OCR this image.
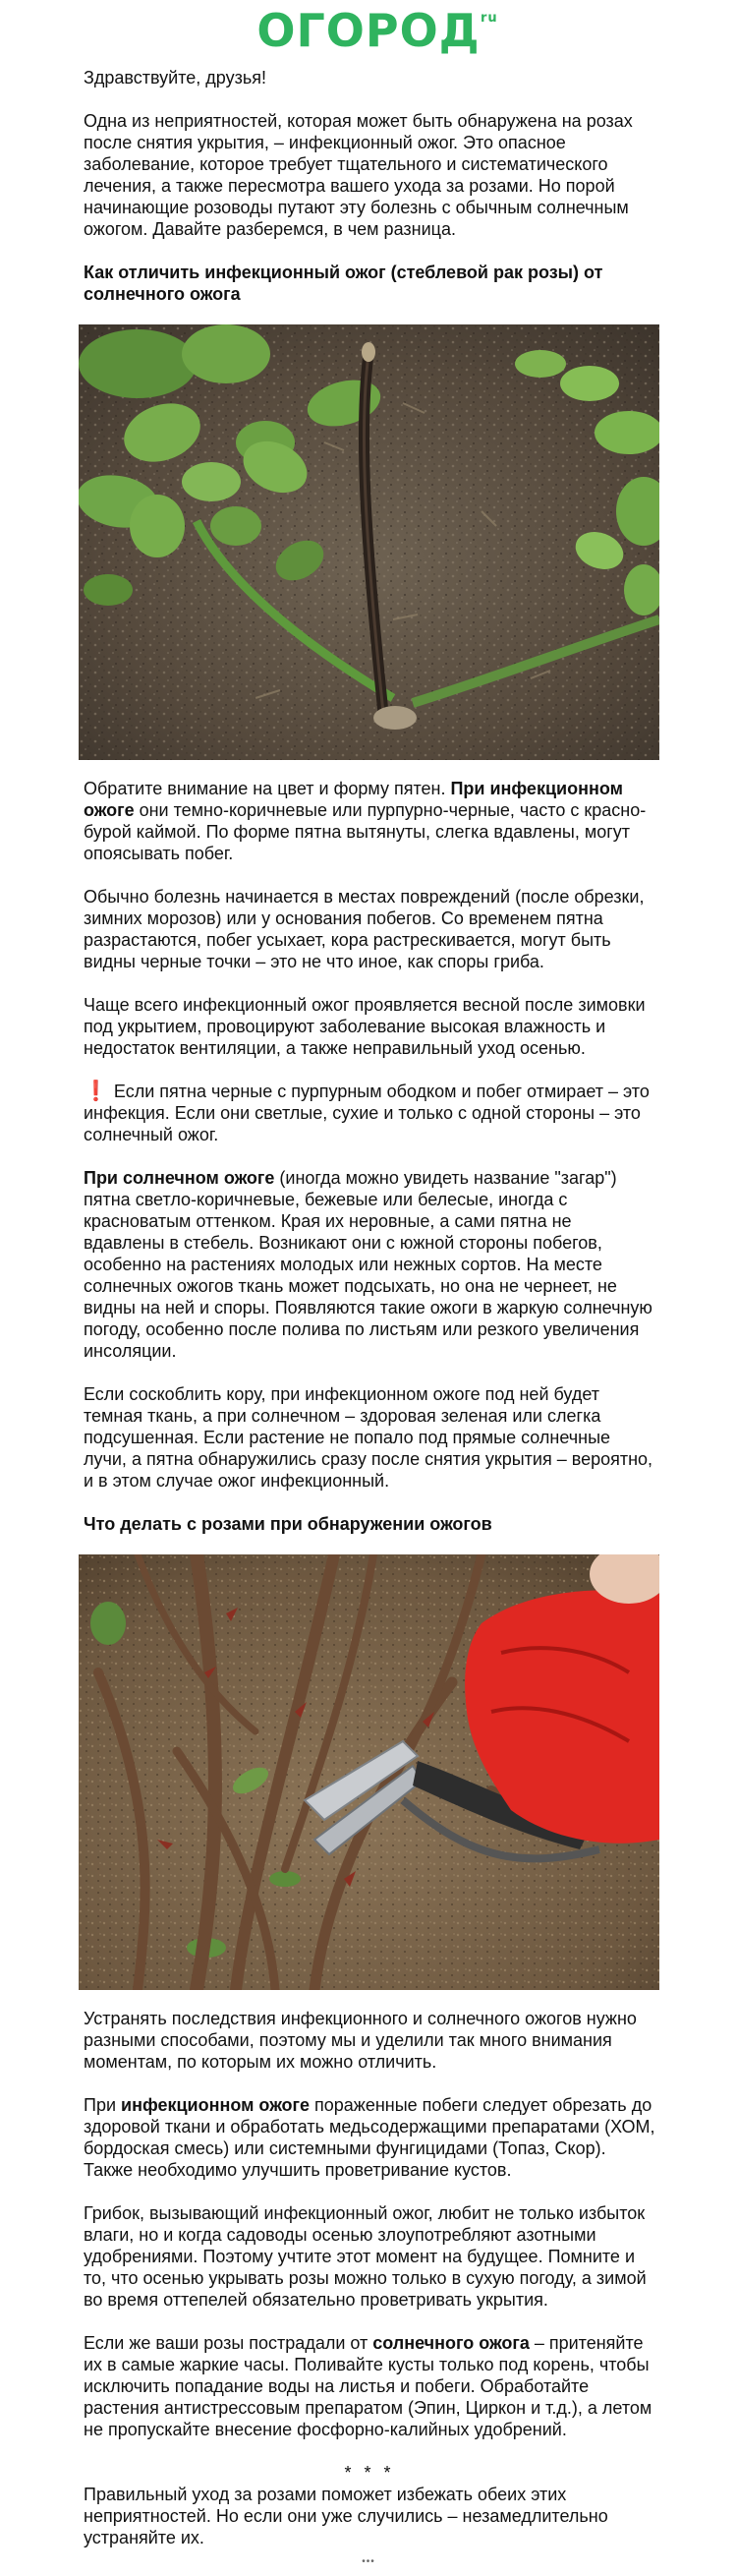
ОГОРОД ru

Здравствуйте, друзья!

Одна из неприятностей, которая может быть обнаружена на розах после снятия укрытия, – инфекционный ожог. Это опасное заболевание, которое требует тщательного и систематического лечения, а также пересмотра вашего ухода за розами. Но порой начинающие розоводы путают эту болезнь с обычным солнечным ожогом. Давайте разберемся, в чем разница.

Как отличить инфекционный ожог (стеблевой рак розы) от солнечного ожога

Обратите внимание на цвет и форму пятен. При инфекционном ожоге они темно-коричневые или пурпурно-черные, часто с красно-бурой каймой. По форме пятна вытянуты, слегка вдавлены, могут опоясывать побег.

Обычно болезнь начинается в местах повреждений (после обрезки, зимних морозов) или у основания побегов. Со временем пятна разрастаются, побег усыхает, кора растрескивается, могут быть видны черные точки – это не что иное, как споры гриба.

Чаще всего инфекционный ожог проявляется весной после зимовки под укрытием, провоцируют заболевание высокая влажность и недостаток вентиляции, а также неправильный уход осенью.

❗ Если пятна черные с пурпурным ободком и побег отмирает – это инфекция. Если они светлые, сухие и только с одной стороны – это солнечный ожог.

При солнечном ожоге (иногда можно увидеть название "загар") пятна светло-коричневые, бежевые или белесые, иногда с красноватым оттенком. Края их неровные, а сами пятна не вдавлены в стебель. Возникают они с южной стороны побегов, особенно на растениях молодых или нежных сортов. На месте солнечных ожогов ткань может подсыхать, но она не чернеет, не видны на ней и споры. Появляются такие ожоги в жаркую солнечную погоду, особенно после полива по листьям или резкого увеличения инсоляции.

Если соскоблить кору, при инфекционном ожоге под ней будет темная ткань, а при солнечном – здоровая зеленая или слегка подсушенная. Если растение не попало под прямые солнечные лучи, а пятна обнаружились сразу после снятия укрытия – вероятно, и в этом случае ожог инфекционный.

Что делать с розами при обнаружении ожогов

Устранять последствия инфекционного и солнечного ожогов нужно разными способами, поэтому мы и уделили так много внимания моментам, по которым их можно отличить.

При инфекционном ожоге пораженные побеги следует обрезать до здоровой ткани и обработать медьсодержащими препаратами (ХОМ, бордоская смесь) или системными фунгицидами (Топаз, Скор). Также необходимо улучшить проветривание кустов.

Грибок, вызывающий инфекционный ожог, любит не только избыток влаги, но и когда садоводы осенью злоупотребляют азотными удобрениями. Поэтому учтите этот момент на будущее. Помните и то, что осенью укрывать розы можно только в сухую погоду, а зимой во время оттепелей обязательно проветривать укрытия.

Если же ваши розы пострадали от солнечного ожога – притеняйте их в самые жаркие часы. Поливайте кусты только под корень, чтобы исключить попадание воды на листья и побеги. Обработайте растения антистрессовым препаратом (Эпин, Циркон и т.д.), а летом не пропускайте внесение фосфорно-калийных удобрений.

* * *

Правильный уход за розами поможет избежать обеих этих неприятностей. Но если они уже случились – незамедлительно устраняйте их.

•••
